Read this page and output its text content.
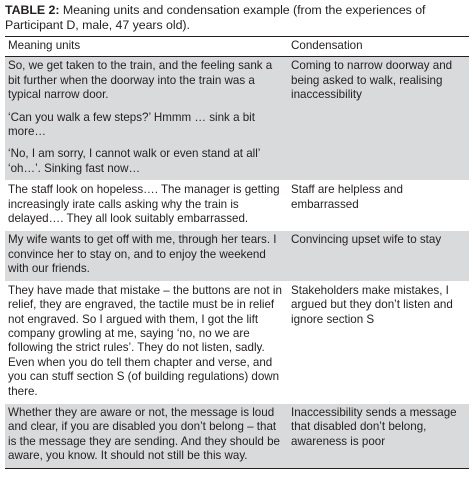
TABLE 2: Meaning units and condensation example (from the experiences of Participant D, male, 47 years old).
Meaning units	Condensation

So, we get taken to the train, and the feeling sank a bit further when the doorway into the train was a typical narrow door.
‘Can you walk a few steps?’ Hmmm … sink a bit more…
‘No, I am sorry, I cannot walk or even stand at all’ ‘oh…’. Sinking fast now…	Coming to narrow doorway and being asked to walk, realising inaccessibility

The staff look on hopeless…. The manager is getting increasingly irate calls asking why the train is delayed…. They all look suitably embarrassed.	Staff are helpless and embarrassed

My wife wants to get off with me, through her tears. I convince her to stay on, and to enjoy the weekend with our friends.	Convincing upset wife to stay

They have made that mistake – the buttons are not in relief, they are engraved, the tactile must be in relief not engraved. So I argued with them, I got the lift company growling at me, saying ‘no, no we are following the strict rules’. They do not listen, sadly. Even when you do tell them chapter and verse, and you can stuff section S (of building regulations) down there.	Stakeholders make mistakes, I argued but they don’t listen and ignore section S

Whether they are aware or not, the message is loud and clear, if you are disabled you don’t belong – that is the message they are sending. And they should be aware, you know. It should not still be this way.	Inaccessibility sends a message that disabled don’t belong, awareness is poor
